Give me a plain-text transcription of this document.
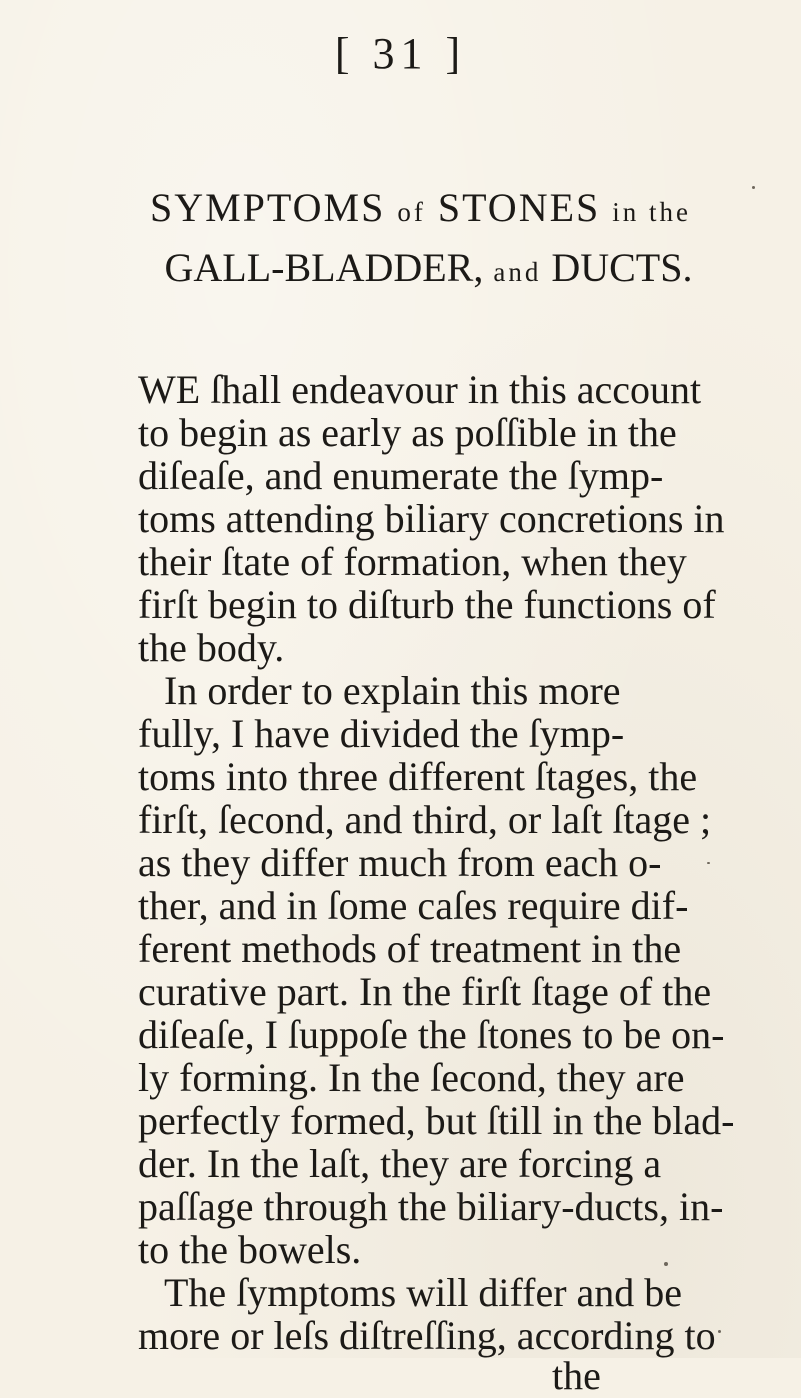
[ 31 ]
SYMPTOMS of STONES in the
GALL-BLADDER, and DUCTS.
WE ſhall endeavour in this account
to begin as early as poſſible in the
diſeaſe, and enumerate the ſymp-
toms attending biliary concretions in
their ſtate of formation, when they
firſt begin to diſturb the functions of
the body.
In order to explain this more
fully, I have divided the ſymp-
toms into three different ſtages, the
firſt, ſecond, and third, or laſt ſtage ;
as they differ much from each o-
ther, and in ſome caſes require dif-
ferent methods of treatment in the
curative part. In the firſt ſtage of the
diſeaſe, I ſuppoſe the ſtones to be on-
ly forming. In the ſecond, they are
perfectly formed, but ſtill in the blad-
der. In the laſt, they are forcing a
paſſage through the biliary-ducts, in-
to the bowels.
The ſymptoms will differ and be
more or leſs diſtreſſing, according to
the
